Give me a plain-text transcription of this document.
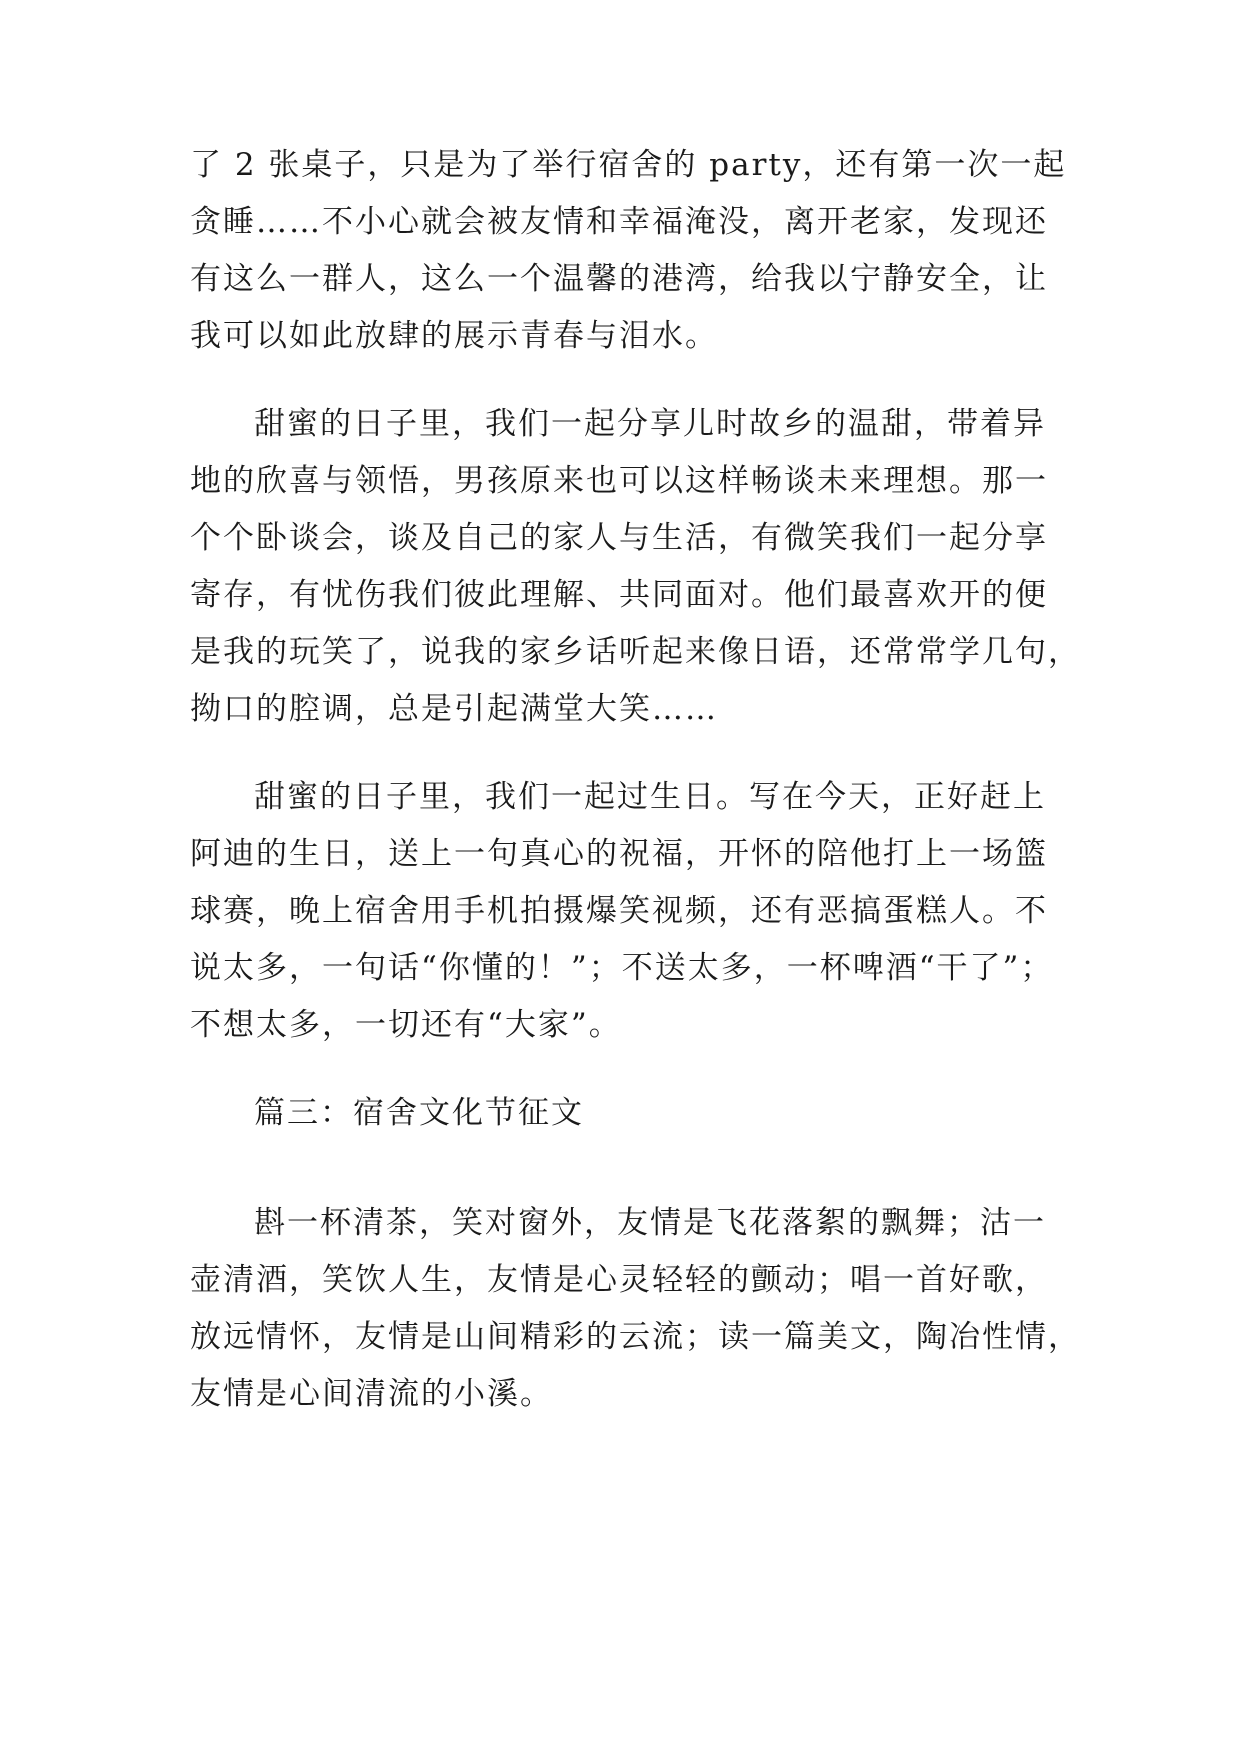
了 2 张桌子，只是为了举行宿舍的 party，还有第一次一起
贪睡……不小心就会被友情和幸福淹没，离开老家，发现还
有这么一群人，这么一个温馨的港湾，给我以宁静安全，让
我可以如此放肆的展示青春与泪水。
甜蜜的日子里，我们一起分享儿时故乡的温甜，带着异
地的欣喜与领悟，男孩原来也可以这样畅谈未来理想。那一
个个卧谈会，谈及自己的家人与生活，有微笑我们一起分享
寄存，有忧伤我们彼此理解、共同面对。他们最喜欢开的便
是我的玩笑了，说我的家乡话听起来像日语，还常常学几句，
拗口的腔调，总是引起满堂大笑……
甜蜜的日子里，我们一起过生日。写在今天，正好赶上
阿迪的生日，送上一句真心的祝福，开怀的陪他打上一场篮
球赛，晚上宿舍用手机拍摄爆笑视频，还有恶搞蛋糕人。不
说太多，一句话“你懂的！”；不送太多，一杯啤酒“干了”；
不想太多，一切还有“大家”。
篇三：宿舍文化节征文
斟一杯清茶，笑对窗外，友情是飞花落絮的飘舞；沽一
壶清酒，笑饮人生，友情是心灵轻轻的颤动；唱一首好歌，
放远情怀，友情是山间精彩的云流；读一篇美文，陶冶性情，
友情是心间清流的小溪。
